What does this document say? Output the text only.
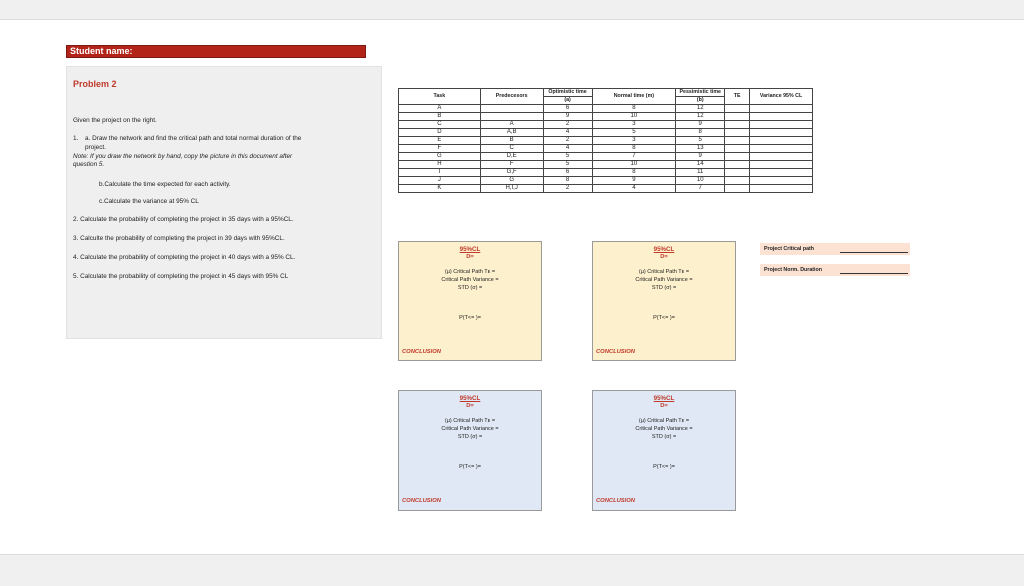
Student name:
Problem 2
Given the project on the right.
1. a. Draw the network and find the critical path and total normal duration of the
project.
Note: If you draw the network by hand, copy the picture in this document after
question 5.
b.Calculate the time expected for each activity.
c.Calculate the variance at 95% CL
2. Calculate the probability of completing the project in 35 days with a 95%CL.
3. Calculte the probability of completing the project in 39 days with 95%CL.
4. Calculate the probability of completing the project in 40 days with a 95% CL.
5. Calculate the probability of completing the project in 45 days with 95% CL
Task	Predecesors	Optimistic time
(a)	Normal time (m)	Pessimistic time
(b)	TE	Variance 95% CL
A		6	8	12		
B		9	10	12		
C	A	2	3	9		
D	A,B	4	5	8		
E	B	2	3	5		
F	C	4	8	13		
G	D,E	5	7	9		
H	F	5	10	14		
I	G,F	6	8	11		
J	G	8	9	10		
K	H,I,J	2	4	7		
95%CL
D=
(µ) Critical Path Tᴇ =
Critical Path Variance =
STD (σ) =
P(T<= )=
CONCLUSION
95%CL
D=
(µ) Critical Path Tᴇ =
Critical Path Variance =
STD (σ) =
P(T<= )=
CONCLUSION
95%CL
D=
(µ) Critical Path Tᴇ =
Critical Path Variance =
STD (σ) =
P(T<= )=
CONCLUSION
95%CL
D=
(µ) Critical Path Tᴇ =
Critical Path Variance =
STD (σ) =
P(T<= )=
CONCLUSION
Project Critical path
Project Norm. Duration
